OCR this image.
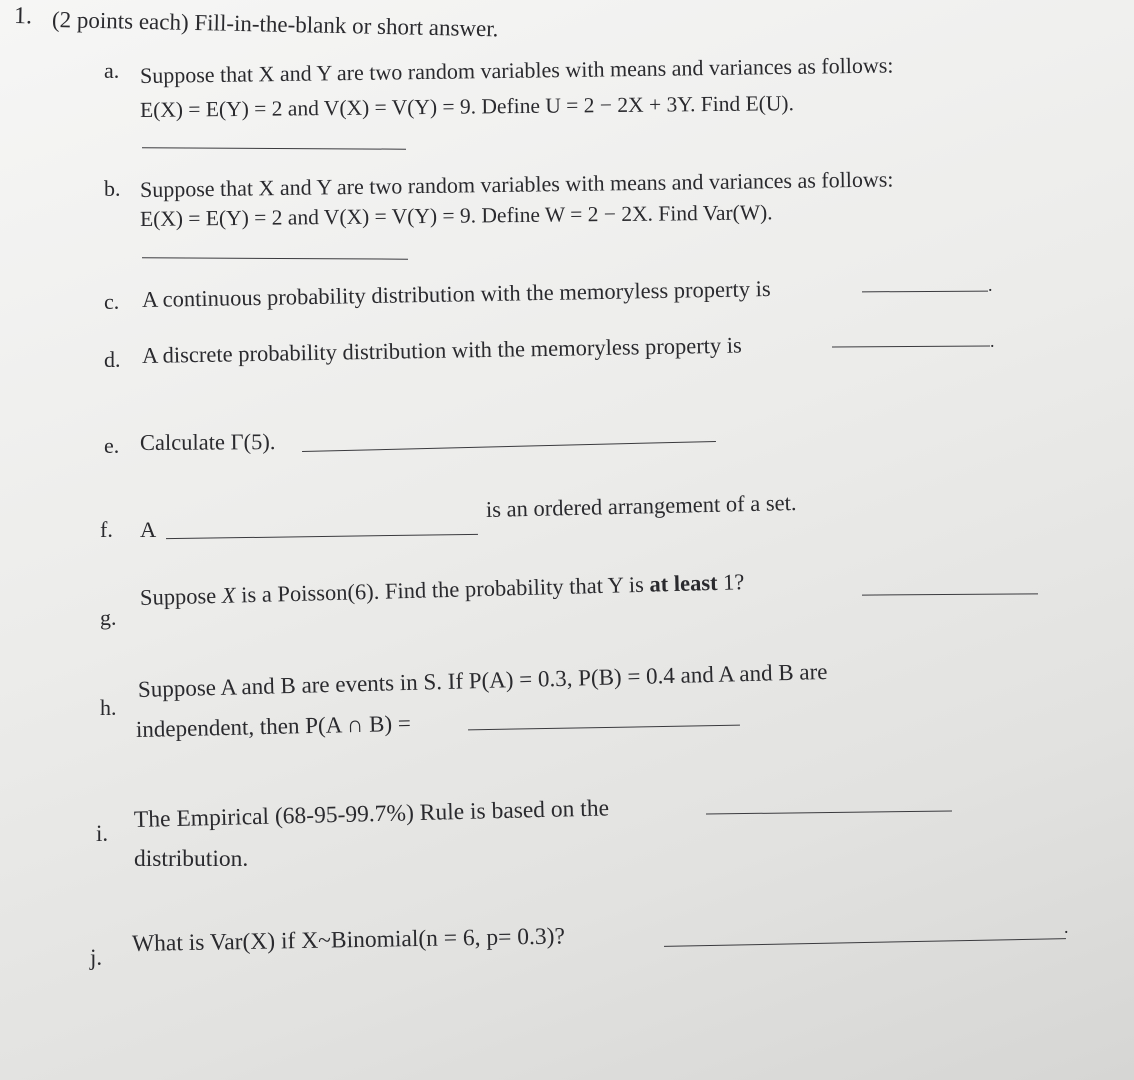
1. (2 points each) Fill-in-the-blank or short answer.
a. Suppose that X and Y are two random variables with means and variances as follows:
E(X) = E(Y) = 2 and V(X) = V(Y) = 9. Define U = 2 − 2X + 3Y. Find E(U).
b. Suppose that X and Y are two random variables with means and variances as follows:
E(X) = E(Y) = 2 and V(X) = V(Y) = 9. Define W = 2 − 2X. Find Var(W).
c. A continuous probability distribution with the memoryless property is	.
d. A discrete probability distribution with the memoryless property is	.
e. Calculate Γ(5).
f. A
is an ordered arrangement of a set.
g.
Suppose X is a Poisson(6). Find the probability that Y is at least 1?
h.
Suppose A and B are events in S. If P(A) = 0.3, P(B) = 0.4 and A and B are
independent, then P(A ∩ B) =
i.
The Empirical (68-95-99.7%) Rule is based on the
distribution.
j.
What is Var(X) if X~Binomial(n = 6, p= 0.3)?	.
